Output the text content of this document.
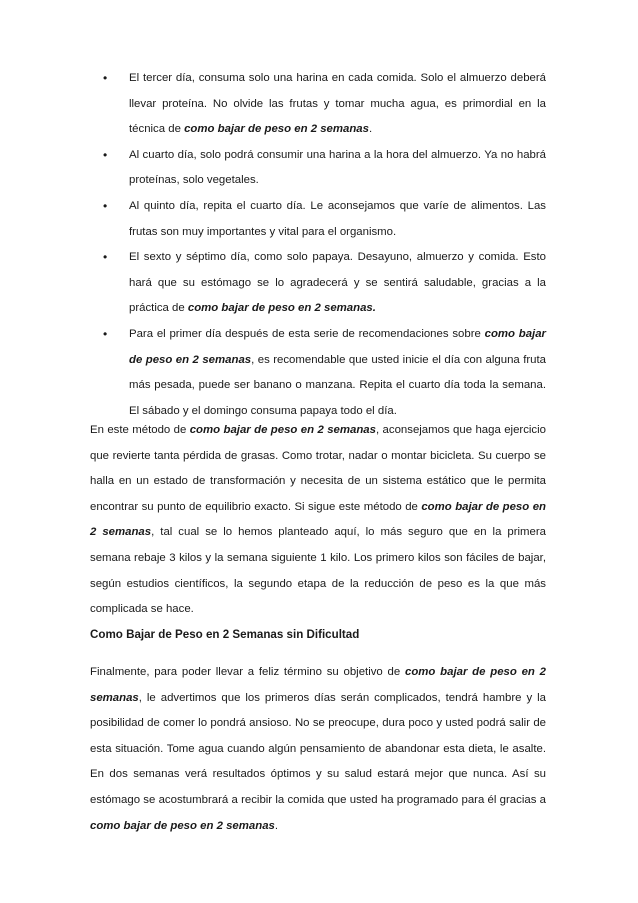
•	El tercer día, consuma solo una harina en cada comida. Solo el almuerzo deberá llevar proteína. No olvide las frutas y tomar mucha agua, es primordial en la técnica de como bajar de peso en 2 semanas.
•	Al cuarto día, solo podrá consumir una harina a la hora del almuerzo. Ya no habrá proteínas, solo vegetales.
•	Al quinto día, repita el cuarto día. Le aconsejamos que varíe de alimentos. Las frutas son muy importantes y vital para el organismo.
•	El sexto y séptimo día, como solo papaya. Desayuno, almuerzo y comida. Esto hará que su estómago se lo agradecerá y se sentirá saludable, gracias a la práctica de como bajar de peso en 2 semanas.
•	Para el primer día después de esta serie de recomendaciones sobre como bajar de peso en 2 semanas, es recomendable que usted inicie el día con alguna fruta más pesada, puede ser banano o manzana. Repita el cuarto día toda la semana. El sábado y el domingo consuma papaya todo el día.

En este método de como bajar de peso en 2 semanas, aconsejamos que haga ejercicio que revierte tanta pérdida de grasas. Como trotar, nadar o montar bicicleta. Su cuerpo se halla en un estado de transformación y necesita de un sistema estático que le permita encontrar su punto de equilibrio exacto. Si sigue este método de como bajar de peso en 2 semanas, tal cual se lo hemos planteado aquí, lo más seguro que en la primera semana rebaje 3 kilos y la semana siguiente 1 kilo. Los primero kilos son fáciles de bajar, según estudios científicos, la segundo etapa de la reducción de peso es la que más complicada se hace.

Como Bajar de Peso en 2 Semanas sin Dificultad

Finalmente, para poder llevar a feliz término su objetivo de como bajar de peso en 2 semanas, le advertimos que los primeros días serán complicados, tendrá hambre y la posibilidad de comer lo pondrá ansioso. No se preocupe, dura poco y usted podrá salir de esta situación. Tome agua cuando algún pensamiento de abandonar esta dieta, le asalte. En dos semanas verá resultados óptimos y su salud estará mejor que nunca. Así su estómago se acostumbrará a recibir la comida que usted ha programado para él gracias a como bajar de peso en 2 semanas.
